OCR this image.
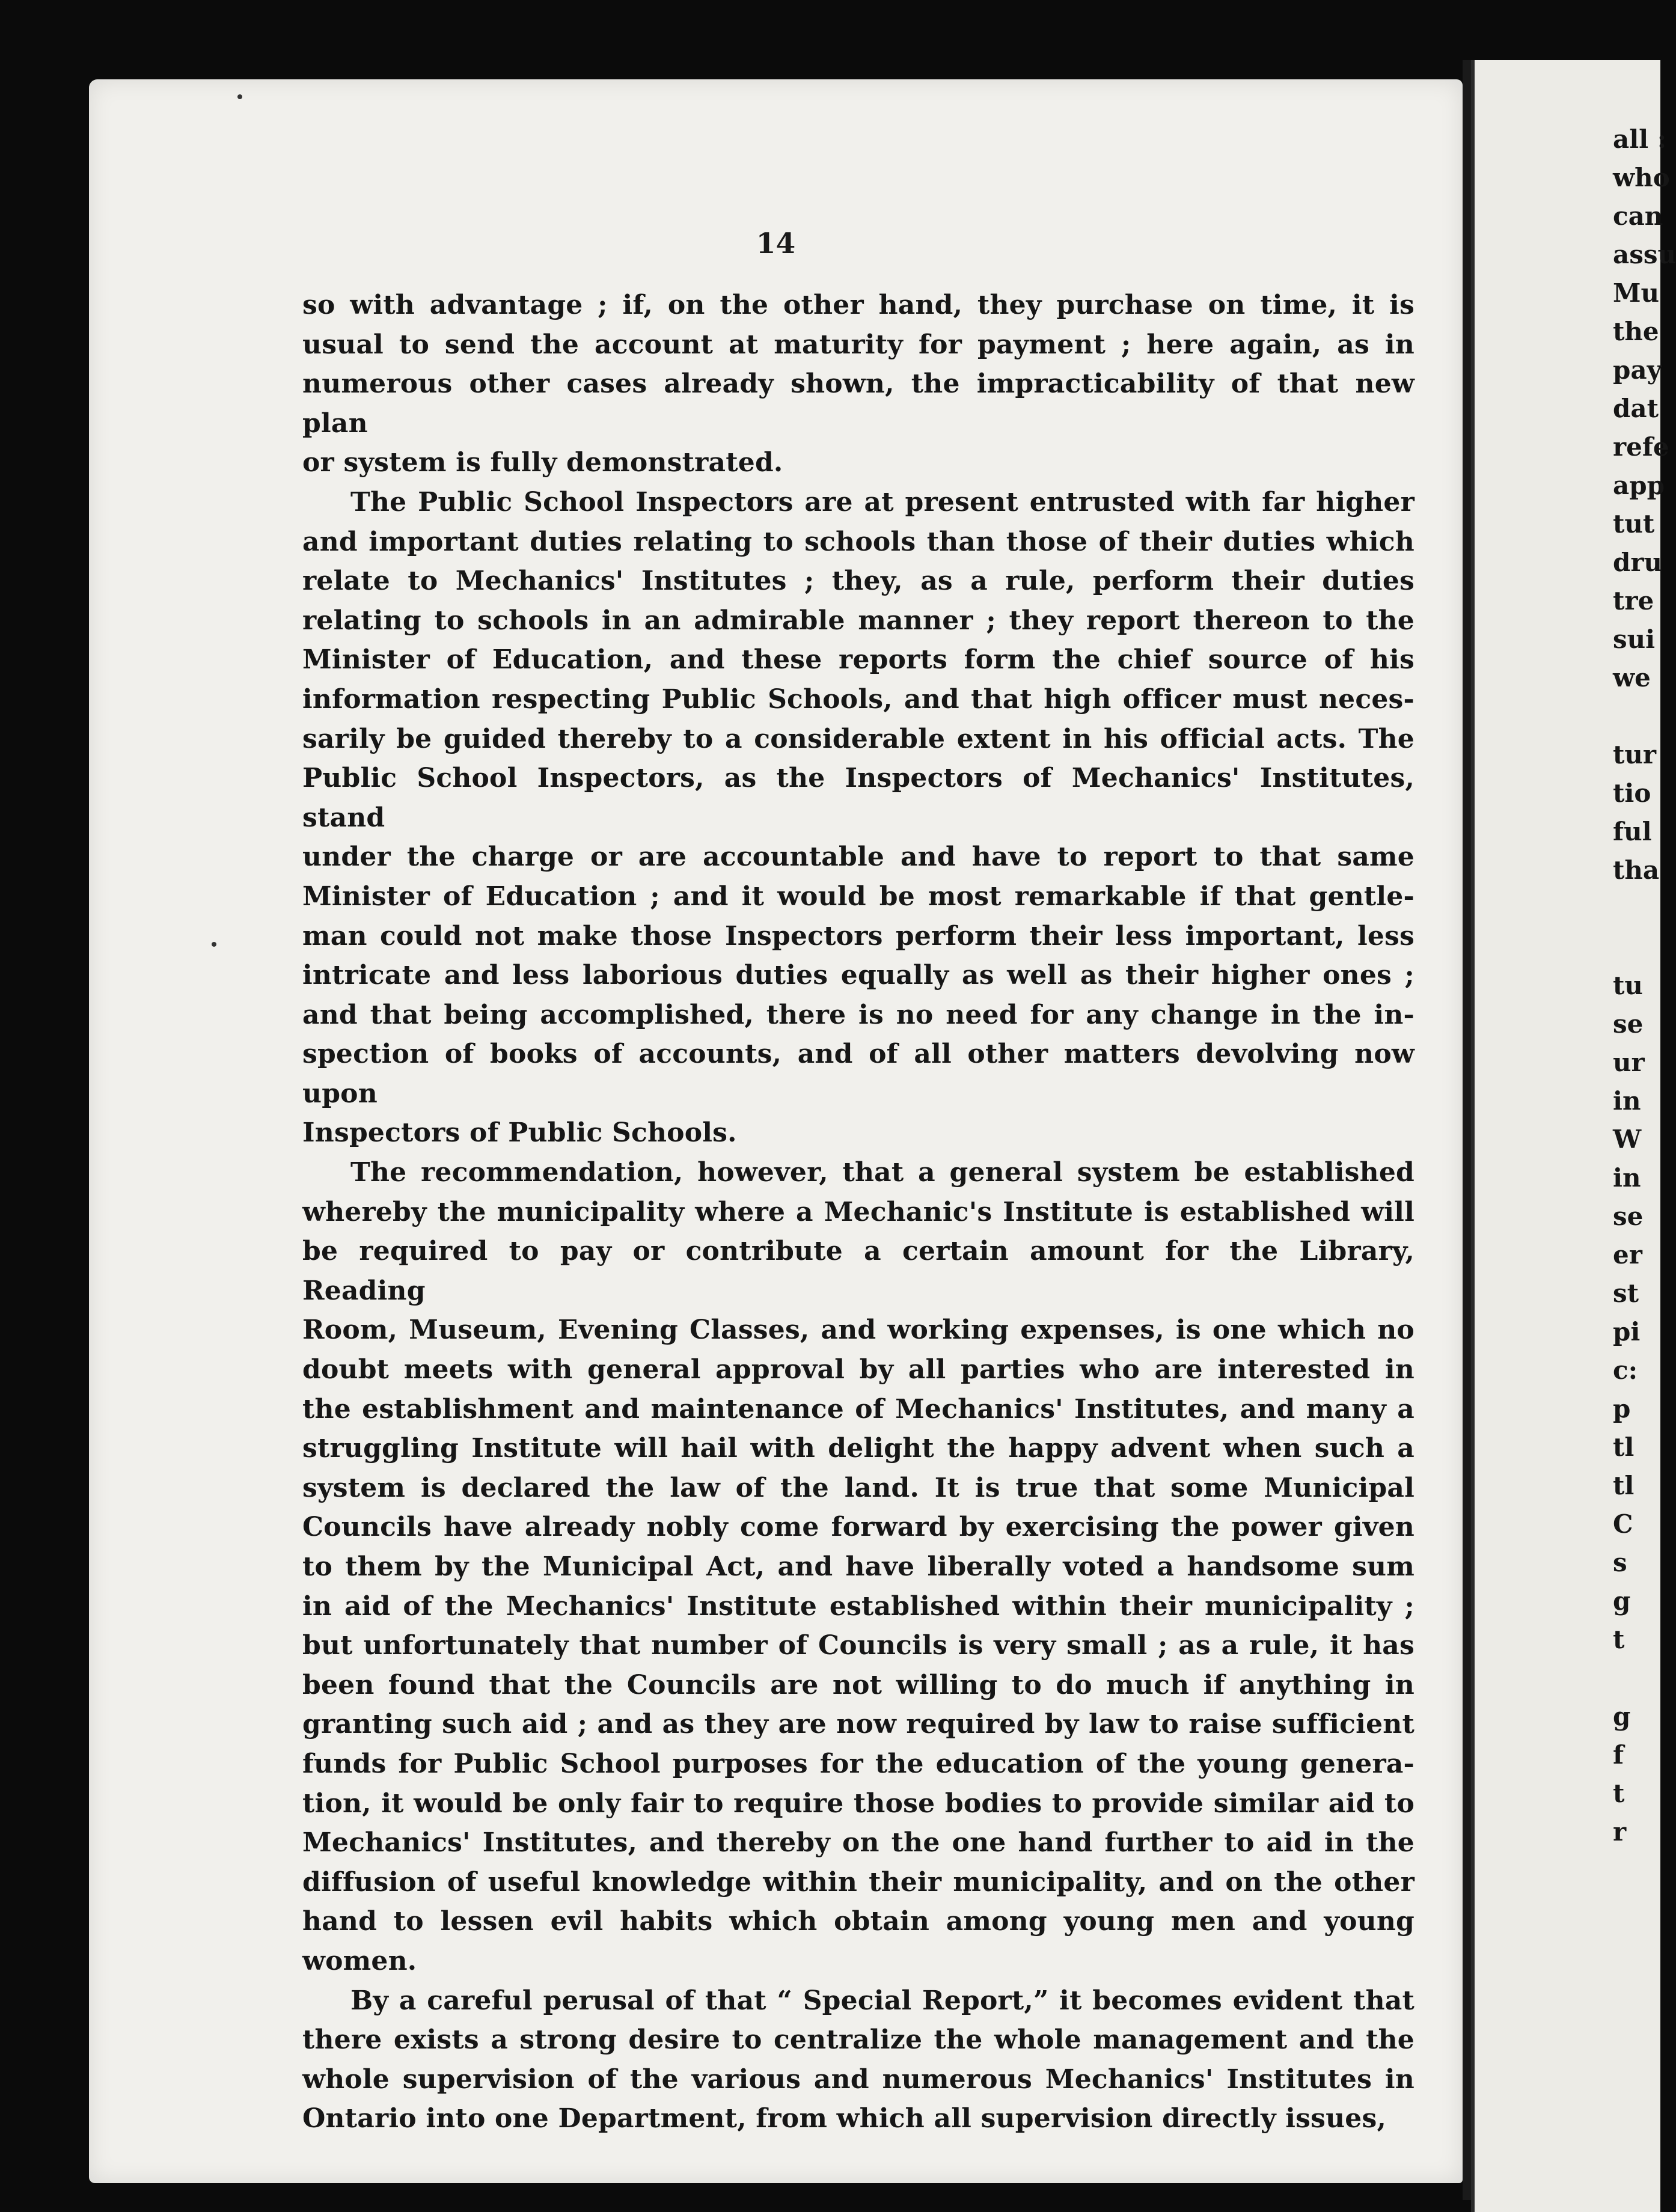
all :
who
can
assu
Mu
the
pay
dat
refe
app
tut
dru
tre
sui
we

tur
tio
ful
tha

tu
se
ur
in
W
in
se
er
st
pi
c:
p
tl
tl
C
s
g
t

g
f
t
r
14

so with advantage ; if, on the other hand, they purchase on time, it is

usual to send the account at maturity for payment ; here again, as in

numerous other cases already shown, the impracticability of that new plan

or system is fully demonstrated.

The Public School Inspectors are at present entrusted with far higher

and important duties relating to schools than those of their duties which

relate to Mechanics' Institutes ; they, as a rule, perform their duties

relating to schools in an admirable manner ; they report thereon to the

Minister of Education, and these reports form the chief source of his

information respecting Public Schools, and that high officer must neces-

sarily be guided thereby to a considerable extent in his official acts. The

Public School Inspectors, as the Inspectors of Mechanics' Institutes, stand

under the charge or are accountable and have to report to that same

Minister of Education ; and it would be most remarkable if that gentle-

man could not make those Inspectors perform their less important, less

intricate and less laborious duties equally as well as their higher ones ;

and that being accomplished, there is no need for any change in the in-

spection of books of accounts, and of all other matters devolving now upon

Inspectors of Public Schools.

The recommendation, however, that a general system be established

whereby the municipality where a Mechanic's Institute is established will

be required to pay or contribute a certain amount for the Library, Reading

Room, Museum, Evening Classes, and working expenses, is one which no

doubt meets with general approval by all parties who are interested in

the establishment and maintenance of Mechanics' Institutes, and many a

struggling Institute will hail with delight the happy advent when such a

system is declared the law of the land. It is true that some Municipal

Councils have already nobly come forward by exercising the power given

to them by the Municipal Act, and have liberally voted a handsome sum

in aid of the Mechanics' Institute established within their municipality ;

but unfortunately that number of Councils is very small ; as a rule, it has

been found that the Councils are not willing to do much if anything in

granting such aid ; and as they are now required by law to raise sufficient

funds for Public School purposes for the education of the young genera-

tion, it would be only fair to require those bodies to provide similar aid to

Mechanics' Institutes, and thereby on the one hand further to aid in the

diffusion of useful knowledge within their municipality, and on the other

hand to lessen evil habits which obtain among young men and young

women.

By a careful perusal of that “ Special Report,” it becomes evident that

there exists a strong desire to centralize the whole management and the

whole supervision of the various and numerous Mechanics' Institutes in

Ontario into one Department, from which all supervision directly issues,
